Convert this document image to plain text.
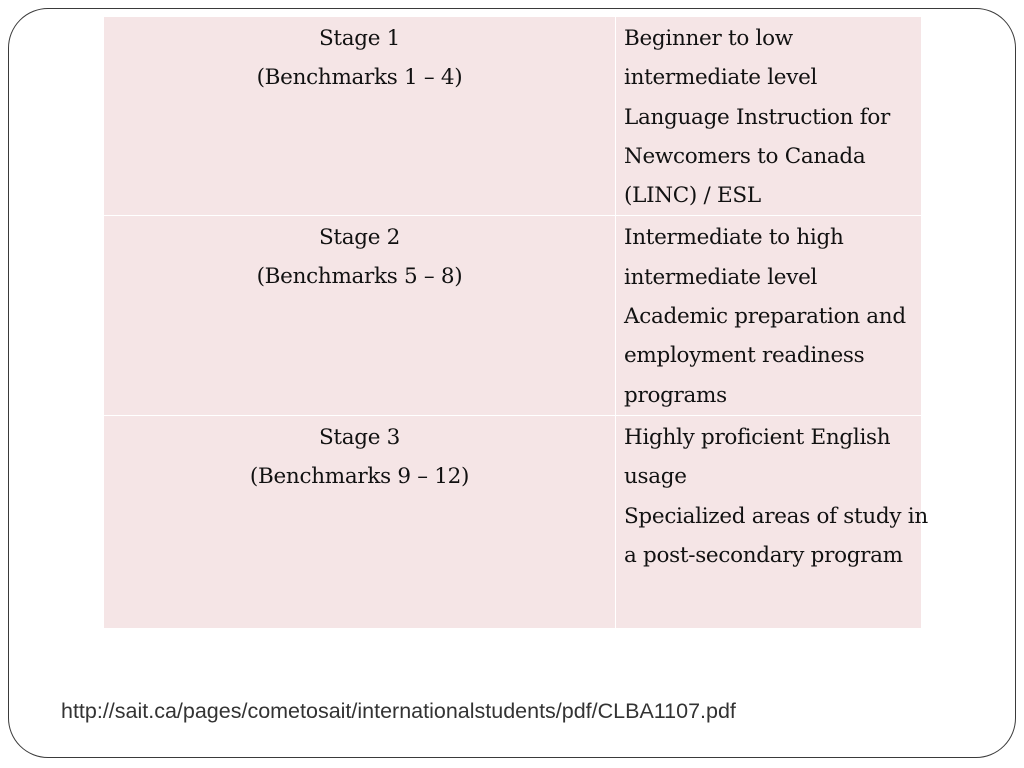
Stage 1
(Benchmarks 1 – 4)	Beginner to low
intermediate level
Language Instruction for
Newcomers to Canada
(LINC) / ESL

Stage 2
(Benchmarks 5 – 8)	Intermediate to high
intermediate level
Academic preparation and
employment readiness
programs

Stage 3
(Benchmarks 9 – 12)	Highly proficient English
usage
Specialized areas of study in
a post-secondary program
http://sait.ca/pages/cometosait/internationalstudents/pdf/CLBA1107.pdf
